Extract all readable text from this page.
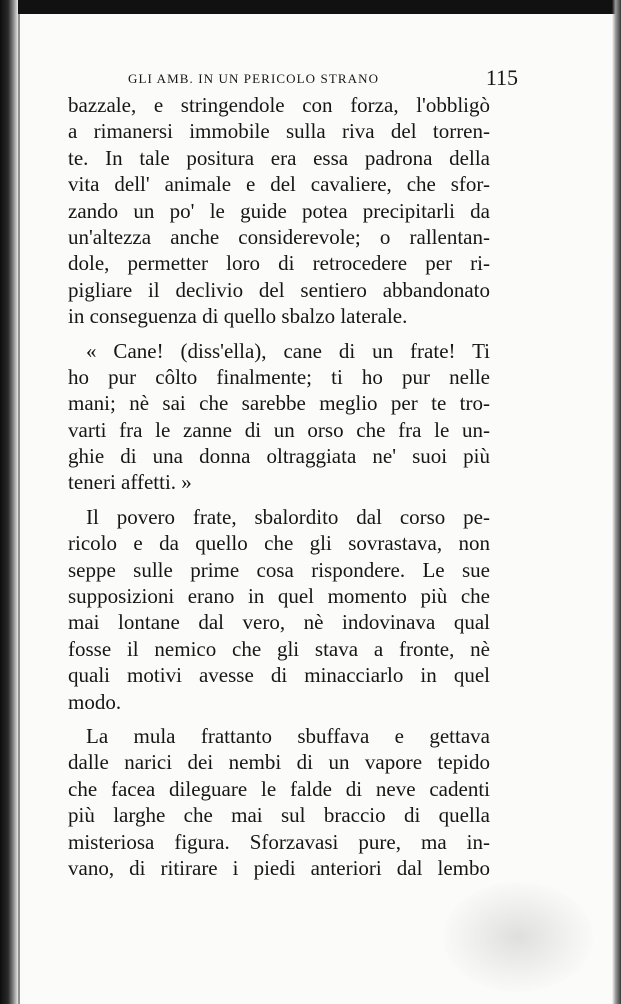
GLI AMB. IN UN PERICOLO STRANO	115
bazzale, e stringendole con forza, l'obbligò
a rimanersi immobile sulla riva del torren-
te. In tale positura era essa padrona della
vita dell' animale e del cavaliere, che sfor-
zando un po' le guide potea precipitarli da
un'altezza anche considerevole; o rallentan-
dole, permetter loro di retrocedere per ri-
pigliare il declivio del sentiero abbandonato
in conseguenza di quello sbalzo laterale.
« Cane! (diss'ella), cane di un frate! Ti
ho pur côlto finalmente; ti ho pur nelle
mani; nè sai che sarebbe meglio per te tro-
varti fra le zanne di un orso che fra le un-
ghie di una donna oltraggiata ne' suoi più
teneri affetti. »
Il povero frate, sbalordito dal corso pe-
ricolo e da quello che gli sovrastava, non
seppe sulle prime cosa rispondere. Le sue
supposizioni erano in quel momento più che
mai lontane dal vero, nè indovinava qual
fosse il nemico che gli stava a fronte, nè
quali motivi avesse di minacciarlo in quel
modo.
La mula frattanto sbuffava e gettava
dalle narici dei nembi di un vapore tepido
che facea dileguare le falde di neve cadenti
più larghe che mai sul braccio di quella
misteriosa figura. Sforzavasi pure, ma in-
vano, di ritirare i piedi anteriori dal lembo
